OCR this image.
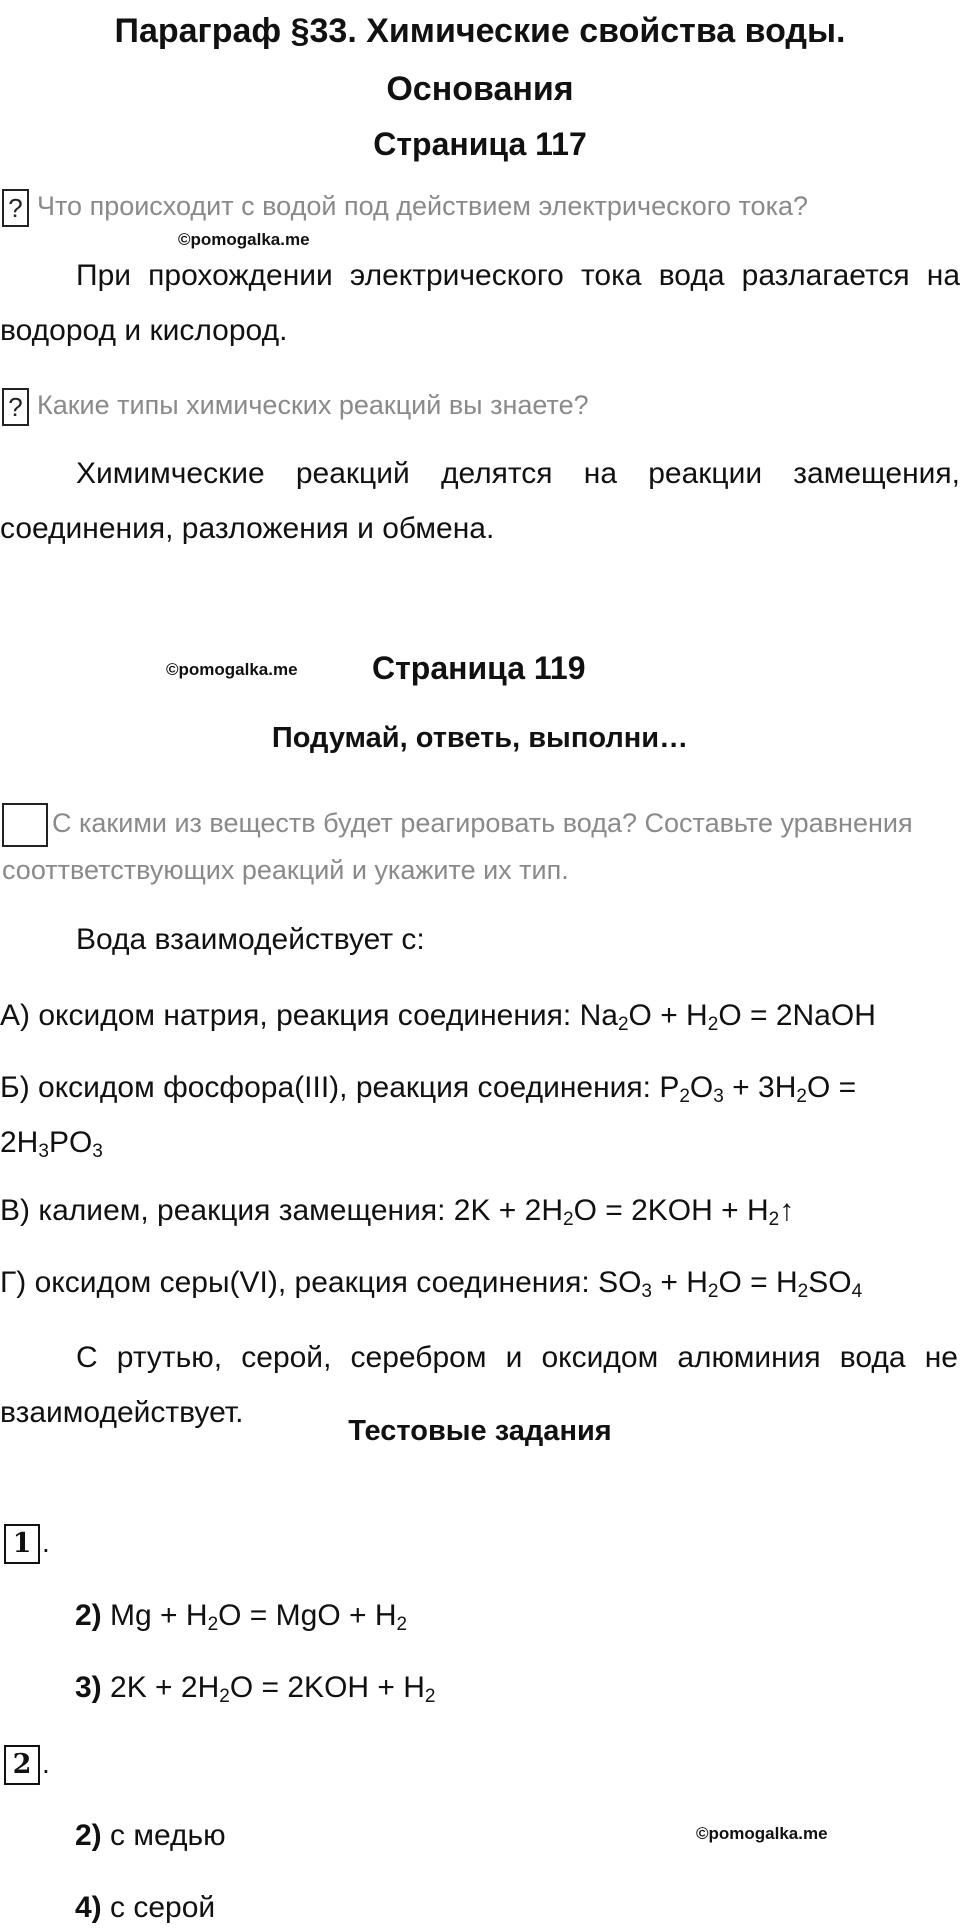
Параграф §33. Химические свойства воды.
Основания
Страница 117
? Что происходит с водой под действием электрического тока?
©pomogalka.me

При прохождении электрического тока вода разлагается на водород и кислород.

? Какие типы химических реакций вы знаете?

Химимческие реакций делятся на реакции замещения, соединения, разложения и обмена.

©pomogalka.me Страница 119
Подумай, ответь, выполни…
С какими из веществ будет реагировать вода? Составьте уравнения сооттветствующих реакций и укажите их тип.

Вода взаимодействует с:

А) оксидом натрия, реакция соединения: $Na_2O + H_2O$ = 2NaOH
Б) оксидом фосфора(III), реакция соединения: $P_2O_3 + 3H_2O = 2H_3PO_3$
В) калием, реакция замещения: $2K + 2H_2O = 2KOH$ + $H_2↑$
Г) оксидом серы(VI), реакция соединения: $SO_3 + H_2O = H_2SO_4$

С ртутью, серой, серебром и оксидом алюминия вода не взаимодействует.

Тестовые задания
1 .
2) $Mg + H_2O$ = MgO + $H_2$
3) $2K + 2H_2O = 2KOH + H_2$
2 .
2) с медью	©pomogalka.me
4) с серой
